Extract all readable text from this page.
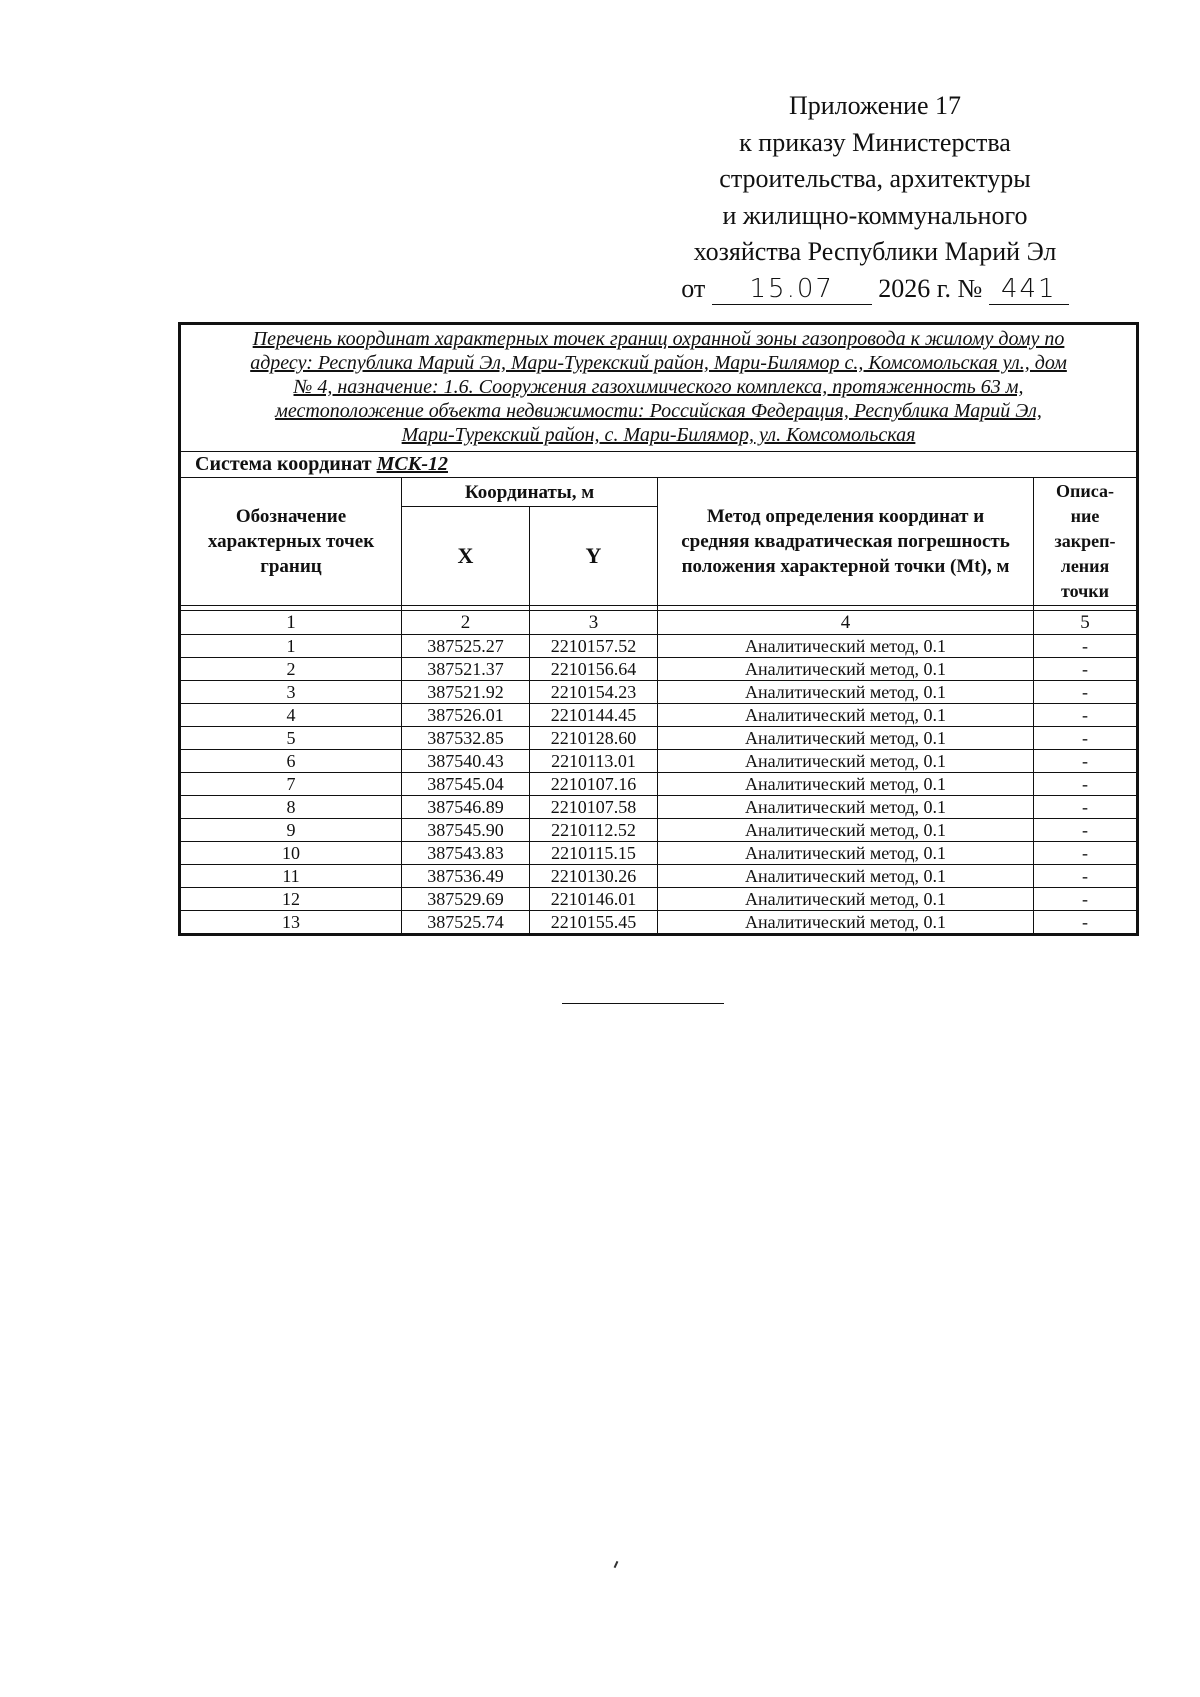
Приложение 17
к приказу Министерства
строительства, архитектуры
и жилищно-коммунального
хозяйства Республики Марий Эл
от 15.07 2026 г. № 441
Перечень координат характерных точек границ охранной зоны газопровода к жилому дому по
адресу: Республика Марий Эл, Мари-Турекский район, Мари-Билямор с., Комсомольская ул., дом
№ 4, назначение: 1.6. Сооружения газохимического комплекса, протяженность 63 м,
местоположение объекта недвижимости: Российская Федерация, Республика Марий Эл,
Мари-Турекский район, с. Мари-Билямор, ул. Комсомольская				

Система координат МСК-12				
Обозначение характерных точек границ	Координаты, м		Метод определения координат и средняя квадратическая погрешность положения характерной точки (Mt), м	Описа-
ние
закреп-
ления
точки

	X	Y		

1	2	3	4	5
1	387525.27	2210157.52	Аналитический метод, 0.1	-
2	387521.37	2210156.64	Аналитический метод, 0.1	-
3	387521.92	2210154.23	Аналитический метод, 0.1	-
4	387526.01	2210144.45	Аналитический метод, 0.1	-
5	387532.85	2210128.60	Аналитический метод, 0.1	-
6	387540.43	2210113.01	Аналитический метод, 0.1	-
7	387545.04	2210107.16	Аналитический метод, 0.1	-
8	387546.89	2210107.58	Аналитический метод, 0.1	-
9	387545.90	2210112.52	Аналитический метод, 0.1	-
10	387543.83	2210115.15	Аналитический метод, 0.1	-
11	387536.49	2210130.26	Аналитический метод, 0.1	-
12	387529.69	2210146.01	Аналитический метод, 0.1	-
13	387525.74	2210155.45	Аналитический метод, 0.1	-
